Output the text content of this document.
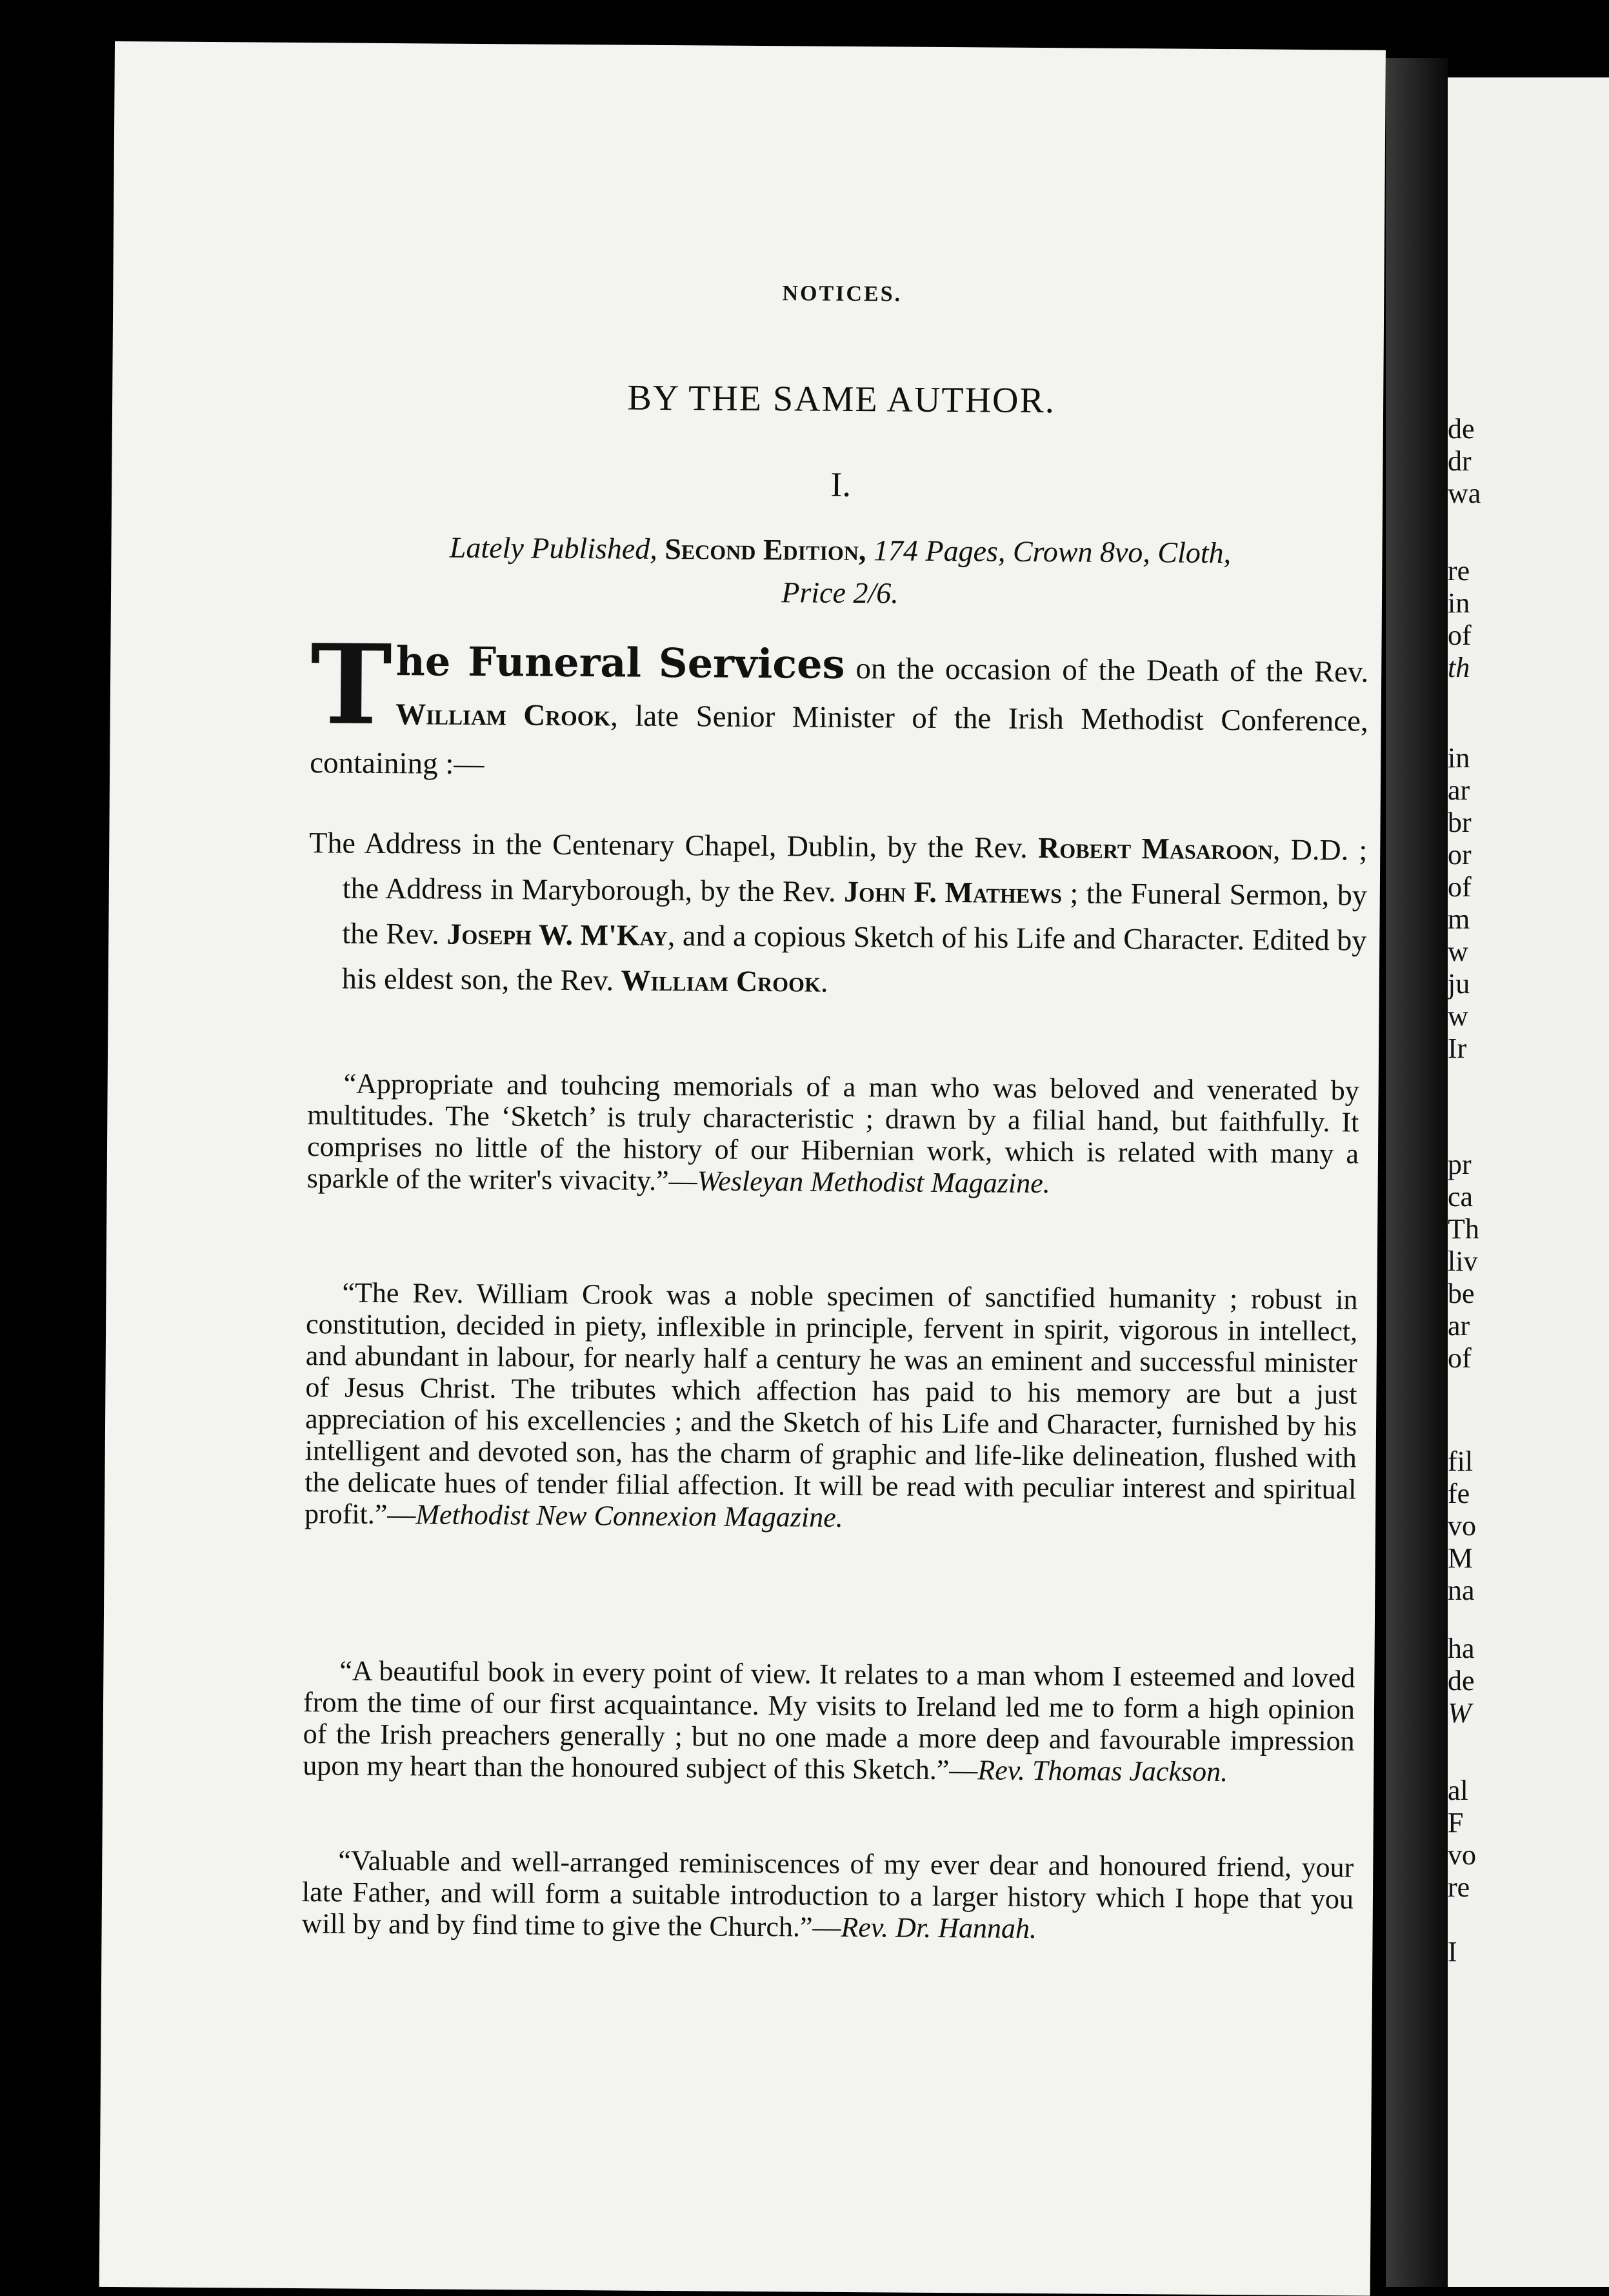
NOTICES.
BY THE SAME AUTHOR.
I.
Lately Published, Second Edition, 174 Pages, Crown 8vo, Cloth,
Price 2/6.
The Funeral Services on the occasion of the Death of the Rev. William Crook, late Senior Minister of the Irish Methodist Conference, containing :—
The Address in the Centenary Chapel, Dublin, by the Rev. Robert Masaroon, D.D. ; the Address in Maryborough, by the Rev. John F. Mathews ; the Funeral Sermon, by the Rev. Joseph W. M'Kay, and a copious Sketch of his Life and Character. Edited by his eldest son, the Rev. William Crook.
“Appropriate and touhcing memorials of a man who was beloved and venerated by multitudes. The ‘Sketch’ is truly characteristic ; drawn by a filial hand, but faithfully. It comprises no little of the history of our Hibernian work, which is related with many a sparkle of the writer's vivacity.”—Wesleyan Methodist Magazine.
“The Rev. William Crook was a noble specimen of sanctified humanity ; robust in constitution, decided in piety, inflexible in principle, fervent in spirit, vigorous in intellect, and abundant in labour, for nearly half a century he was an eminent and successful minister of Jesus Christ. The tributes which affection has paid to his memory are but a just appreciation of his excellencies ; and the Sketch of his Life and Character, furnished by his intelligent and devoted son, has the charm of graphic and life-like delineation, flushed with the delicate hues of tender filial affection. It will be read with peculiar interest and spiritual profit.”—Methodist New Connexion Magazine.
“A beautiful book in every point of view. It relates to a man whom I esteemed and loved from the time of our first acquaintance. My visits to Ireland led me to form a high opinion of the Irish preachers generally ; but no one made a more deep and favourable impression upon my heart than the honoured subject of this Sketch.”—Rev. Thomas Jackson.
“Valuable and well-arranged reminiscences of my ever dear and honoured friend, your late Father, and will form a suitable introduction to a larger history which I hope that you will by and by find time to give the Church.”—Rev. Dr. Hannah.
de
dr
wa
re
in
of
th
in
ar
br
or
of
m
w
ju
w
Ir
pr
ca
Th
liv
be
ar
of
fil
fe
vo
M
na
ha
de
W
al
F
vo
re
I
